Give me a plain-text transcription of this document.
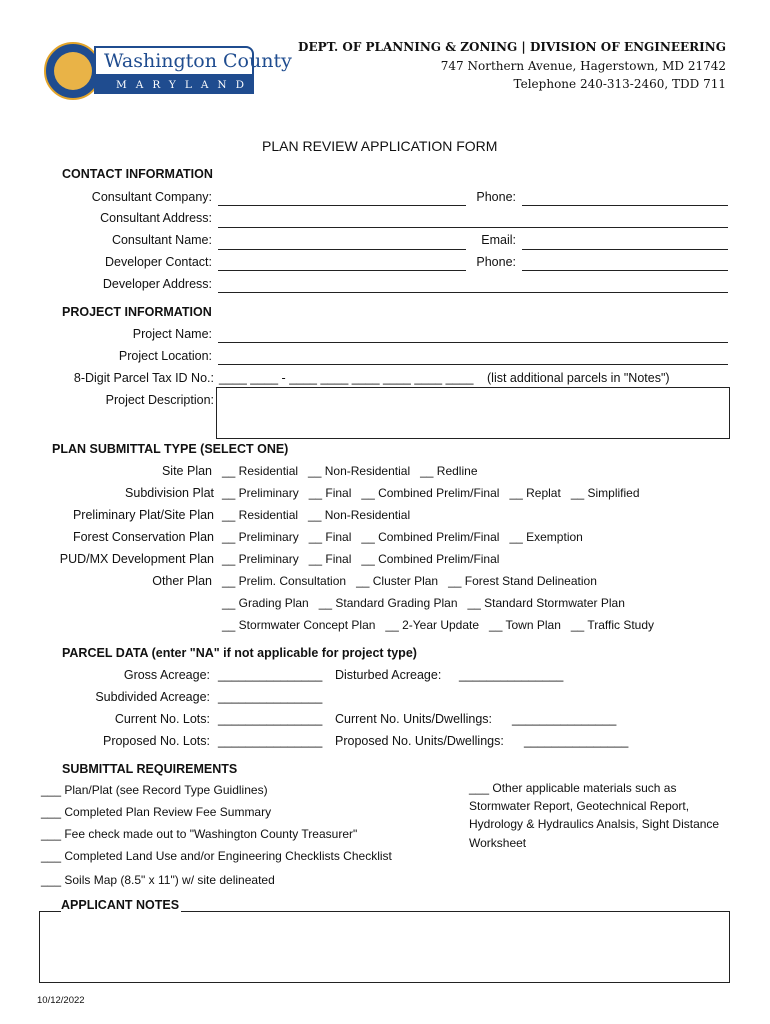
Washington County
MARYLAND
DEPT. OF PLANNING & ZONING | DIVISION OF ENGINEERING
747 Northern Avenue, Hagerstown, MD 21742
Telephone 240-313-2460, TDD 711
PLAN REVIEW APPLICATION FORM
CONTACT INFORMATION
Consultant Company:	Phone:
Consultant Address:
Consultant Name:	Email:
Developer Contact:	Phone:
Developer Address:
PROJECT INFORMATION
Project Name:
Project Location:
8-Digit Parcel Tax ID No.: ____ ____ - ____ ____ ____ ____ ____ ____ (list additional parcels in "Notes")
Project Description:
PLAN SUBMITTAL TYPE (SELECT ONE)
Site Plan __ Residential   __ Non-Residential   __ Redline
Subdivision Plat __ Preliminary   __ Final   __ Combined Prelim/Final   __ Replat   __ Simplified
Preliminary Plat/Site Plan __ Residential   __ Non-Residential
Forest Conservation Plan __ Preliminary   __ Final   __ Combined Prelim/Final   __ Exemption
PUD/MX Development Plan __ Preliminary   __ Final   __ Combined Prelim/Final
Other Plan __ Prelim. Consultation   __ Cluster Plan   __ Forest Stand Delineation
__ Grading Plan   __ Standard Grading Plan   __ Standard Stormwater Plan
__ Stormwater Concept Plan   __ 2-Year Update   __ Town Plan   __ Traffic Study
PARCEL DATA (enter "NA" if not applicable for project type)
Gross Acreage: _______________ Disturbed Acreage: _______________
Subdivided Acreage: _______________
Current No. Lots: _______________ Current No. Units/Dwellings: _______________
Proposed No. Lots: _______________ Proposed No. Units/Dwellings: _______________
SUBMITTAL REQUIREMENTS
___ Plan/Plat (see Record Type Guidlines)
___ Completed Plan Review Fee Summary
___ Fee check made out to "Washington County Treasurer"
___ Completed Land Use and/or Engineering Checklists Checklist
___ Soils Map (8.5" x 11") w/ site delineated
___ Other applicable materials such as
Stormwater Report, Geotechnical Report,
Hydrology & Hydraulics Analsis, Sight Distance
Worksheet
APPLICANT NOTES
10/12/2022
